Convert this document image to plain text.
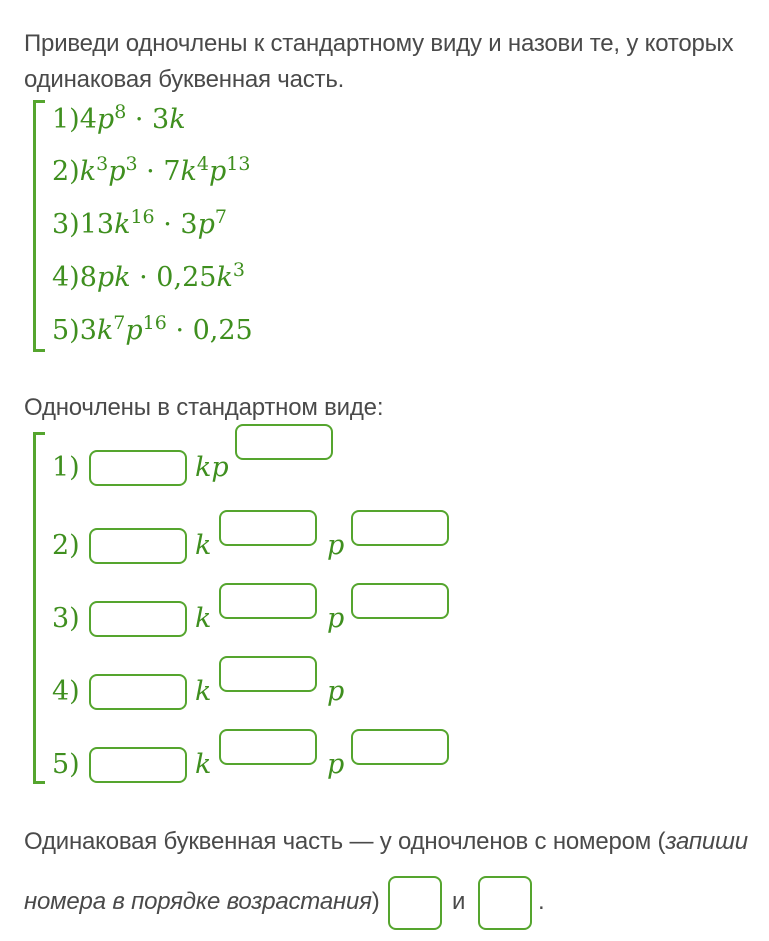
Приведи одночлены к стандартному виду и назови те, у которых
одинаковая буквенная часть.
$1)4p^8 \cdot 3k$
$2)k^3p^3 \cdot 7k^4p^{13}$
$3)13k^{16} \cdot 3p^7$
$4)8pk \cdot 0,25k^3$
$5)3k^7p^{16} \cdot 0,25$
Одночлены в стандартном виде:
1)	kp
2)	k	p
3)	k	p
4)	k	p
5)	k	p
Одинаковая буквенная часть — у одночленов с номером (запиши
номера в порядке возрастания)	и	.
